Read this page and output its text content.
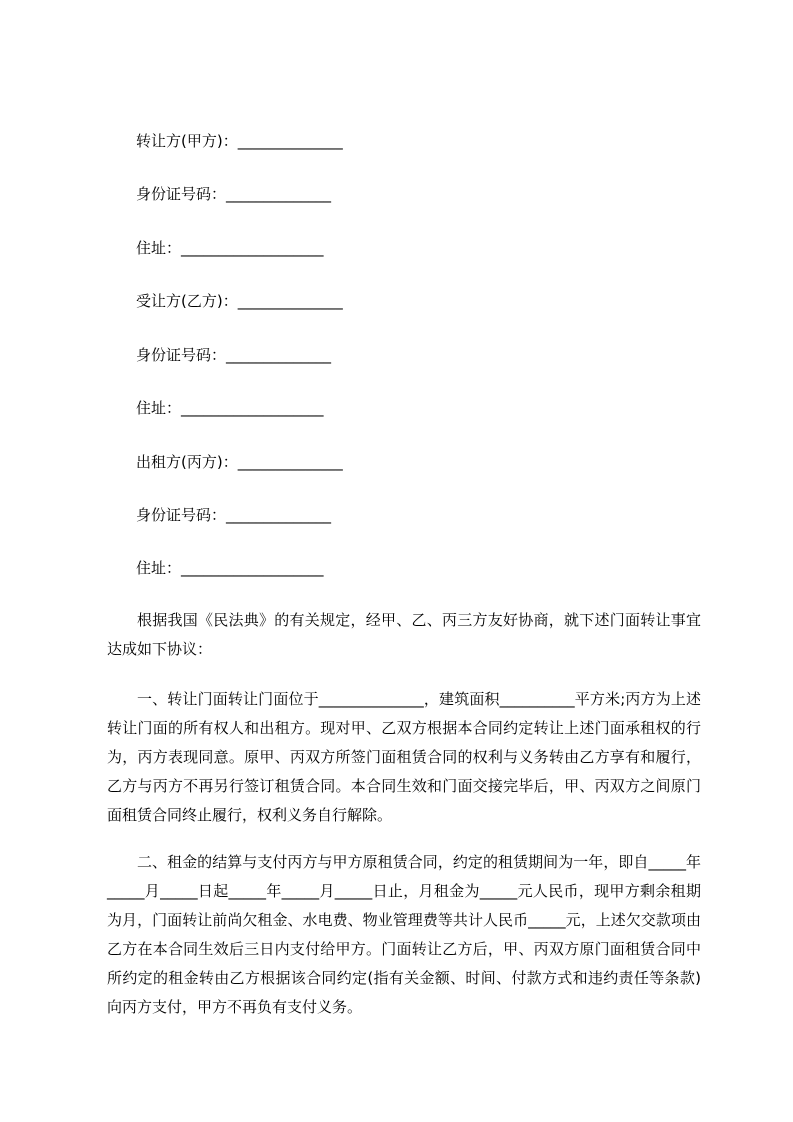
转让方(甲方)：______________
身份证号码：______________
住址：___________________
受让方(乙方)：______________
身份证号码：______________
住址：___________________
出租方(丙方)：______________
身份证号码：______________
住址：___________________

根据我国《民法典》的有关规定，经甲、乙、丙三方友好协商，就下述门面转让事宜达成如下协议：

一、转让门面转让门面位于______________，建筑面积__________平方米;丙方为上述转让门面的所有权人和出租方。现对甲、乙双方根据本合同约定转让上述门面承租权的行为，丙方表现同意。原甲、丙双方所签门面租赁合同的权利与义务转由乙方享有和履行，乙方与丙方不再另行签订租赁合同。本合同生效和门面交接完毕后，甲、丙双方之间原门面租赁合同终止履行，权利义务自行解除。

二、租金的结算与支付丙方与甲方原租赁合同，约定的租赁期间为一年，即自_____年_____月_____日起_____年_____月_____日止，月租金为_____元人民币，现甲方剩余租期为月，门面转让前尚欠租金、水电费、物业管理费等共计人民币_____元，上述欠交款项由乙方在本合同生效后三日内支付给甲方。门面转让乙方后，甲、丙双方原门面租赁合同中所约定的租金转由乙方根据该合同约定(指有关金额、时间、付款方式和违约责任等条款)向丙方支付，甲方不再负有支付义务。
